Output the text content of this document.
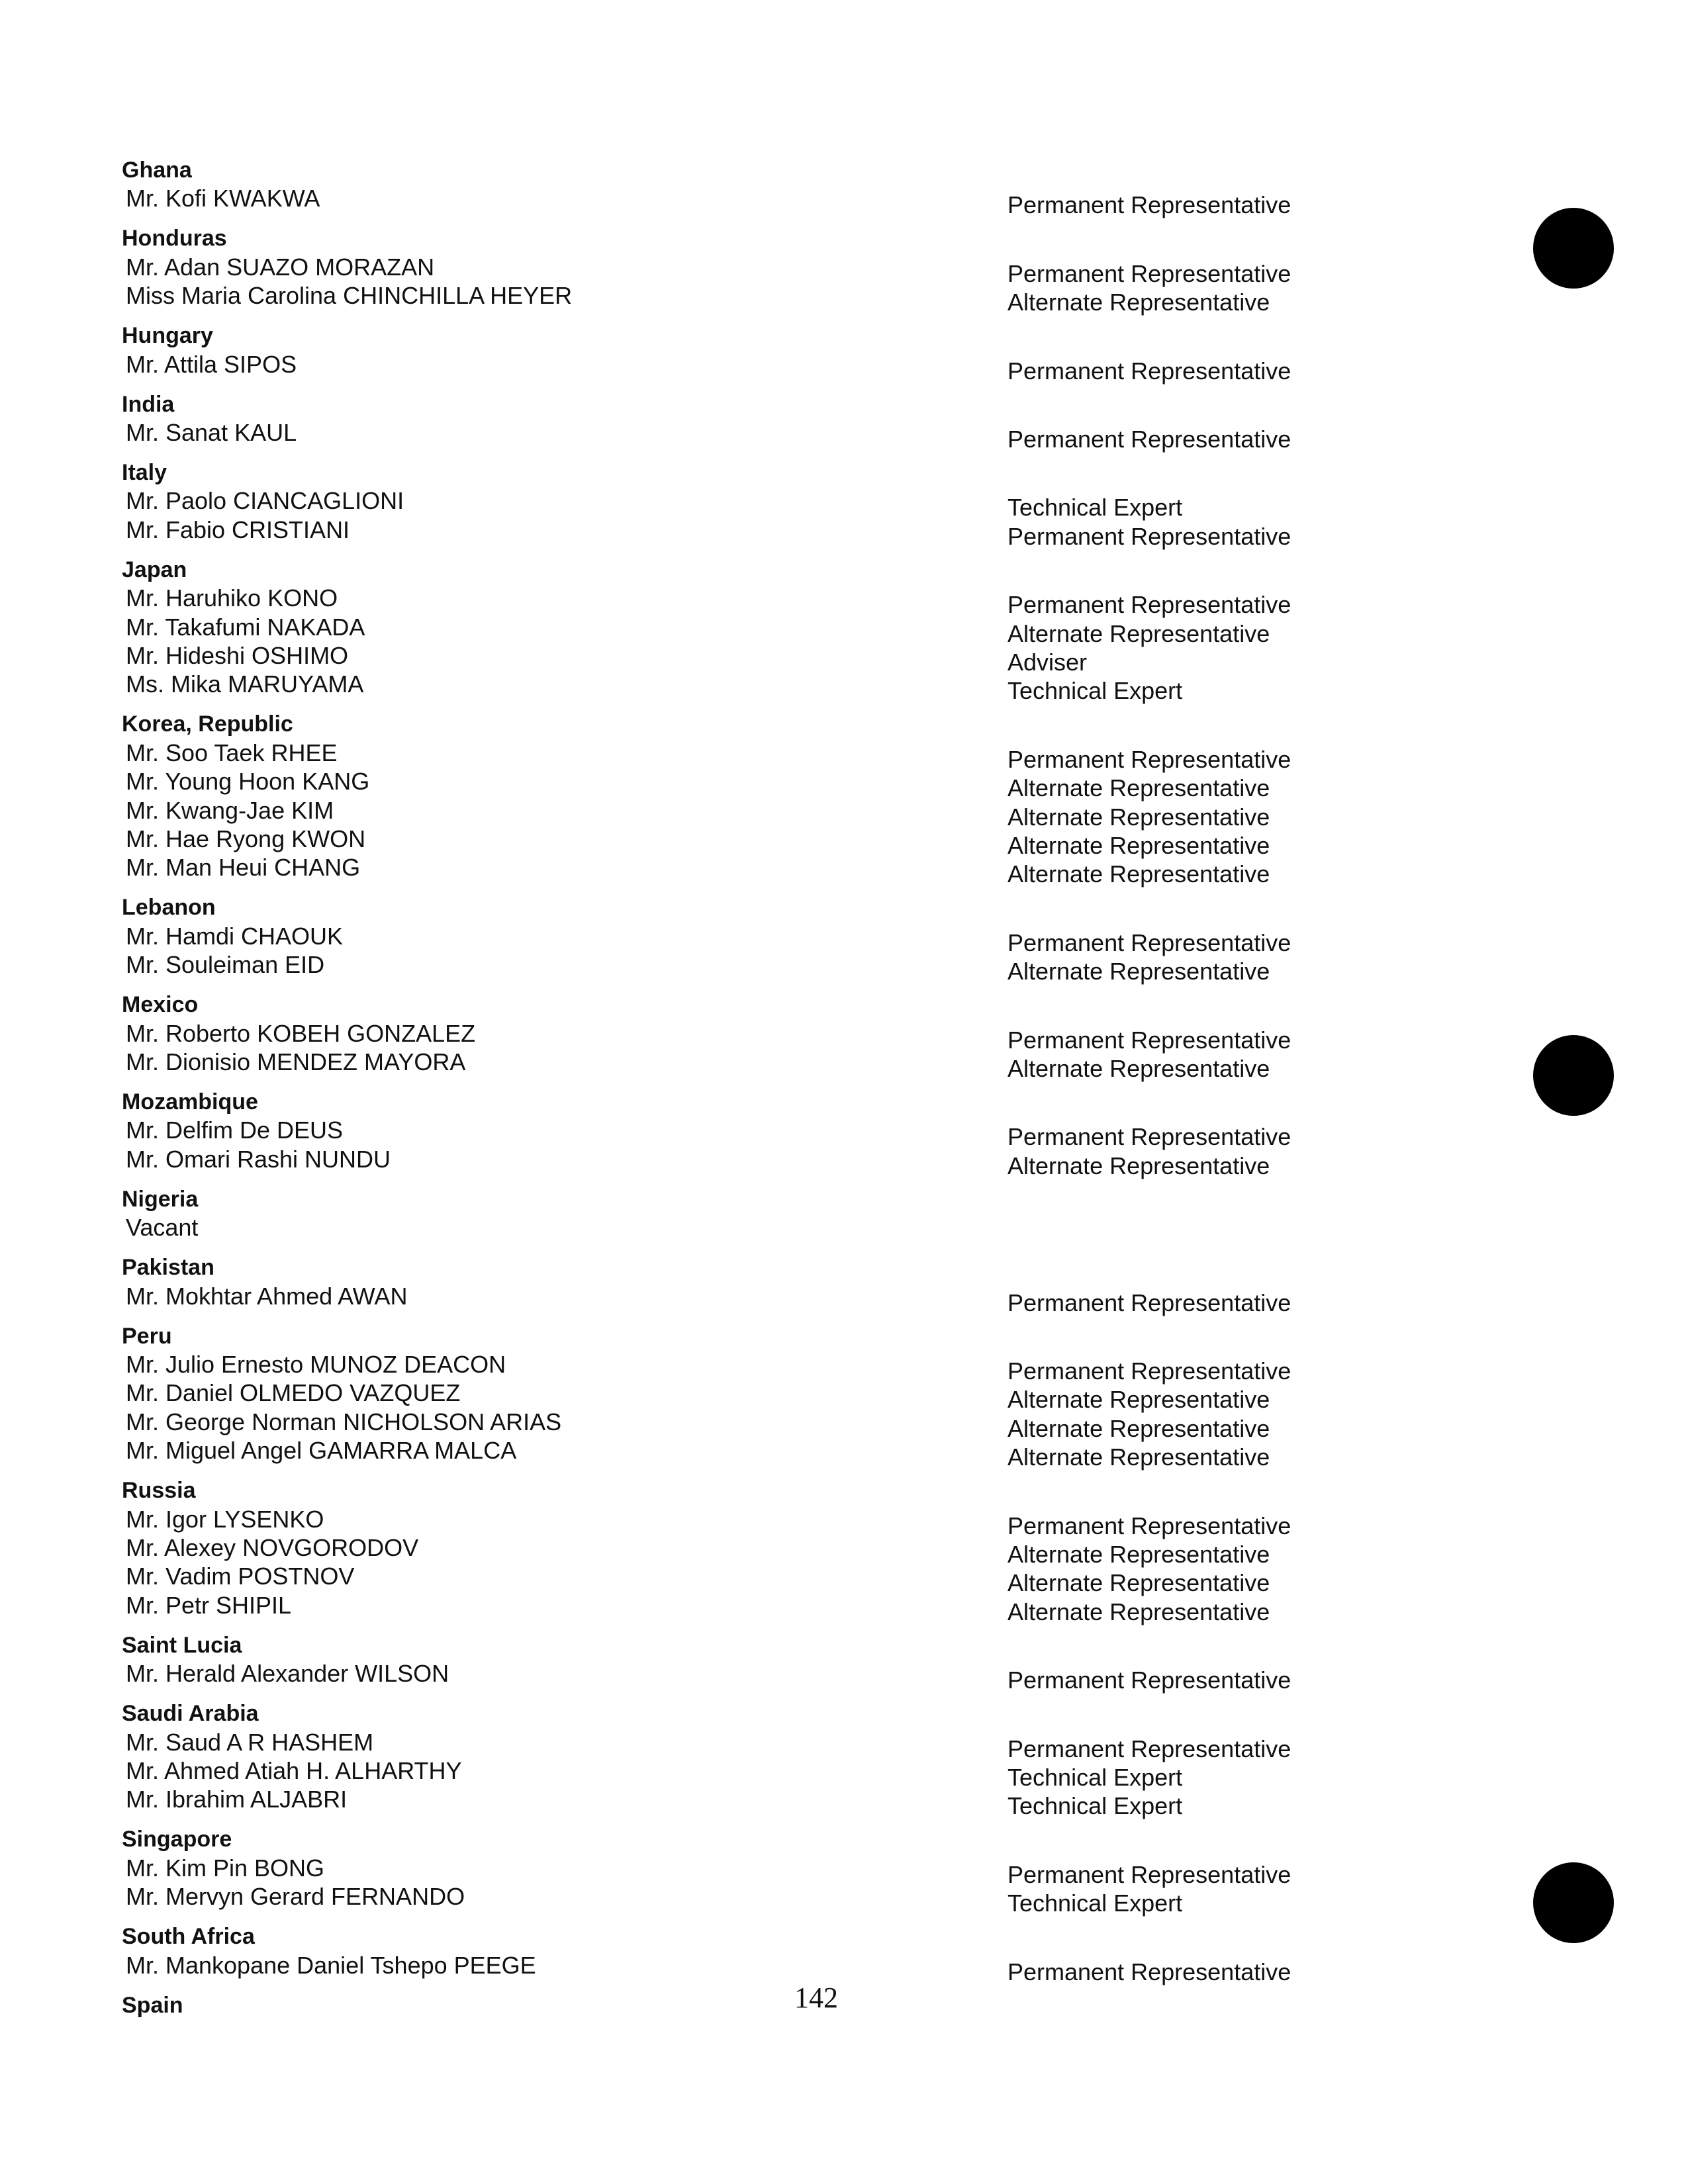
Ghana
Mr. Kofi KWAKWA	Permanent Representative
Honduras
Mr. Adan SUAZO MORAZAN	Permanent Representative
Miss Maria Carolina CHINCHILLA HEYER	Alternate Representative
Hungary
Mr. Attila SIPOS	Permanent Representative
India
Mr. Sanat KAUL	Permanent Representative
Italy
Mr. Paolo CIANCAGLIONI	Technical Expert
Mr. Fabio CRISTIANI	Permanent Representative
Japan
Mr. Haruhiko KONO	Permanent Representative
Mr. Takafumi NAKADA	Alternate Representative
Mr. Hideshi OSHIMO	Adviser
Ms. Mika MARUYAMA	Technical Expert
Korea, Republic
Mr. Soo Taek RHEE	Permanent Representative
Mr. Young Hoon KANG	Alternate Representative
Mr. Kwang-Jae KIM	Alternate Representative
Mr. Hae Ryong KWON	Alternate Representative
Mr. Man Heui CHANG	Alternate Representative
Lebanon
Mr. Hamdi CHAOUK	Permanent Representative
Mr. Souleiman EID	Alternate Representative
Mexico
Mr. Roberto KOBEH GONZALEZ	Permanent Representative
Mr. Dionisio MENDEZ MAYORA	Alternate Representative
Mozambique
Mr. Delfim De DEUS	Permanent Representative
Mr. Omari Rashi NUNDU	Alternate Representative
Nigeria
Vacant
Pakistan
Mr. Mokhtar Ahmed AWAN	Permanent Representative
Peru
Mr. Julio Ernesto MUNOZ DEACON	Permanent Representative
Mr. Daniel OLMEDO VAZQUEZ	Alternate Representative
Mr. George Norman NICHOLSON ARIAS	Alternate Representative
Mr. Miguel Angel GAMARRA MALCA	Alternate Representative
Russia
Mr. Igor LYSENKO	Permanent Representative
Mr. Alexey NOVGORODOV	Alternate Representative
Mr. Vadim POSTNOV	Alternate Representative
Mr. Petr SHIPIL	Alternate Representative
Saint Lucia
Mr. Herald Alexander WILSON	Permanent Representative
Saudi Arabia
Mr. Saud A R HASHEM	Permanent Representative
Mr. Ahmed Atiah H. ALHARTHY	Technical Expert
Mr. Ibrahim ALJABRI	Technical Expert
Singapore
Mr. Kim Pin BONG	Permanent Representative
Mr. Mervyn Gerard FERNANDO	Technical Expert
South Africa
Mr. Mankopane Daniel Tshepo PEEGE	Permanent Representative
Spain	142
